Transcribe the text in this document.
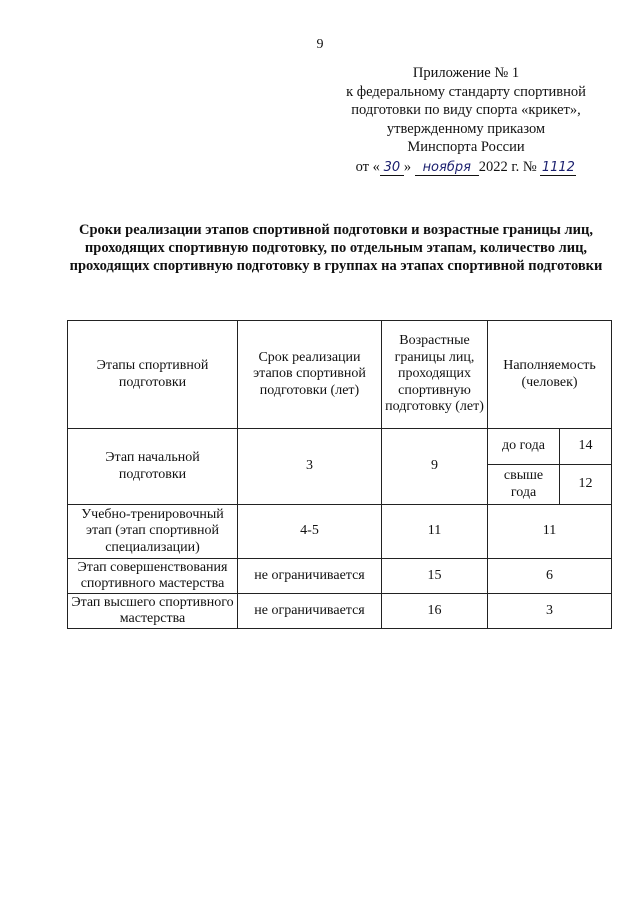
9
Приложение № 1
к федеральному стандарту спортивной
подготовки по виду спорта «крикет»,
утвержденному приказом
Минспорта России
от « 30 » ноября 2022 г. № 1112
Сроки реализации этапов спортивной подготовки и возрастные границы лиц, проходящих спортивную подготовку, по отдельным этапам, количество лиц, проходящих спортивную подготовку в группах на этапах спортивной подготовки
Этапы спортивной подготовки	Срок реализации этапов спортивной подготовки (лет)	Возрастные границы лиц, проходящих спортивную подготовку (лет)	Наполняемость (человек)	
Этап начальной подготовки	3	9	до года	14
			свыше года	12
Учебно-тренировочный этап (этап спортивной специализации)	4-5	11	11	
Этап совершенствования спортивного мастерства	не ограничивается	15	6	
Этап высшего спортивного мастерства	не ограничивается	16	3	
